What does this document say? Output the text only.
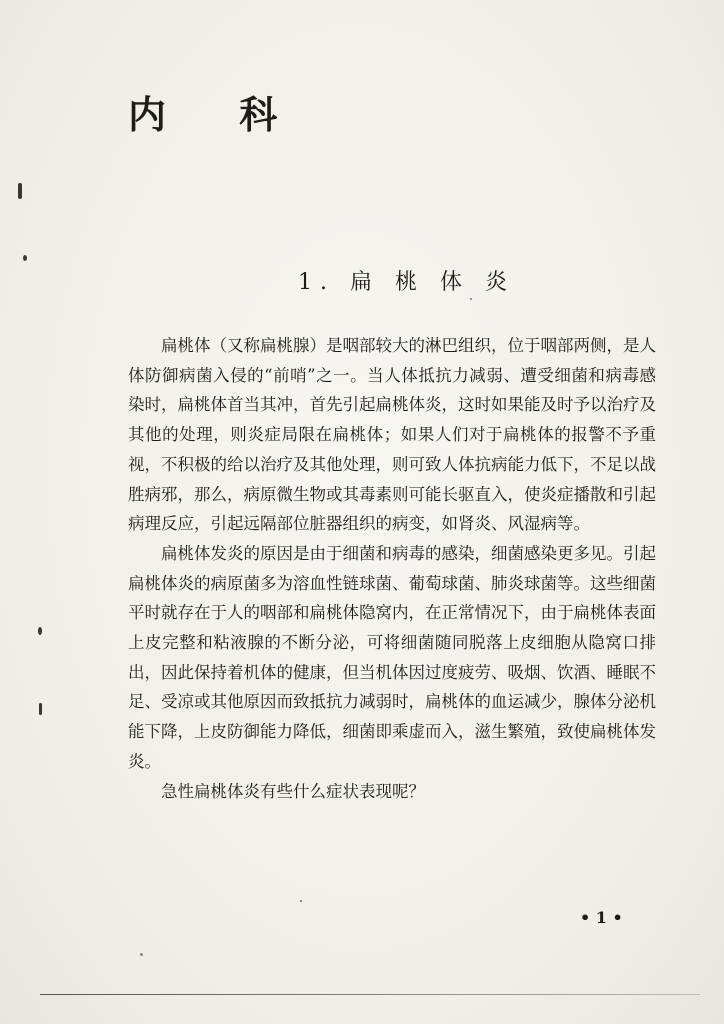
内 科
1. 扁 桃 体 炎

扁桃体（又称扁桃腺）是咽部较大的淋巴组织，位于咽部两侧，是人体防御病菌入侵的“前哨”之一。当人体抵抗力减弱、遭受细菌和病毒感染时，扁桃体首当其冲，首先引起扁桃体炎，这时如果能及时予以治疗及其他的处理，则炎症局限在扁桃体；如果人们对于扁桃体的报警不予重视，不积极的给以治疗及其他处理，则可致人体抗病能力低下，不足以战胜病邪，那么，病原微生物或其毒素则可能长驱直入，使炎症播散和引起病理反应，引起远隔部位脏器组织的病变，如肾炎、风湿病等。

扁桃体发炎的原因是由于细菌和病毒的感染，细菌感染更多见。引起扁桃体炎的病原菌多为溶血性链球菌、葡萄球菌、肺炎球菌等。这些细菌平时就存在于人的咽部和扁桃体隐窝内，在正常情况下，由于扁桃体表面上皮完整和粘液腺的不断分泌，可将细菌随同脱落上皮细胞从隐窝口排出，因此保持着机体的健康，但当机体因过度疲劳、吸烟、饮酒、睡眠不足、受凉或其他原因而致抵抗力减弱时，扁桃体的血运减少，腺体分泌机能下降，上皮防御能力降低，细菌即乘虚而入，滋生繁殖，致使扁桃体发炎。

急性扁桃体炎有些什么症状表现呢？

• 1 •
